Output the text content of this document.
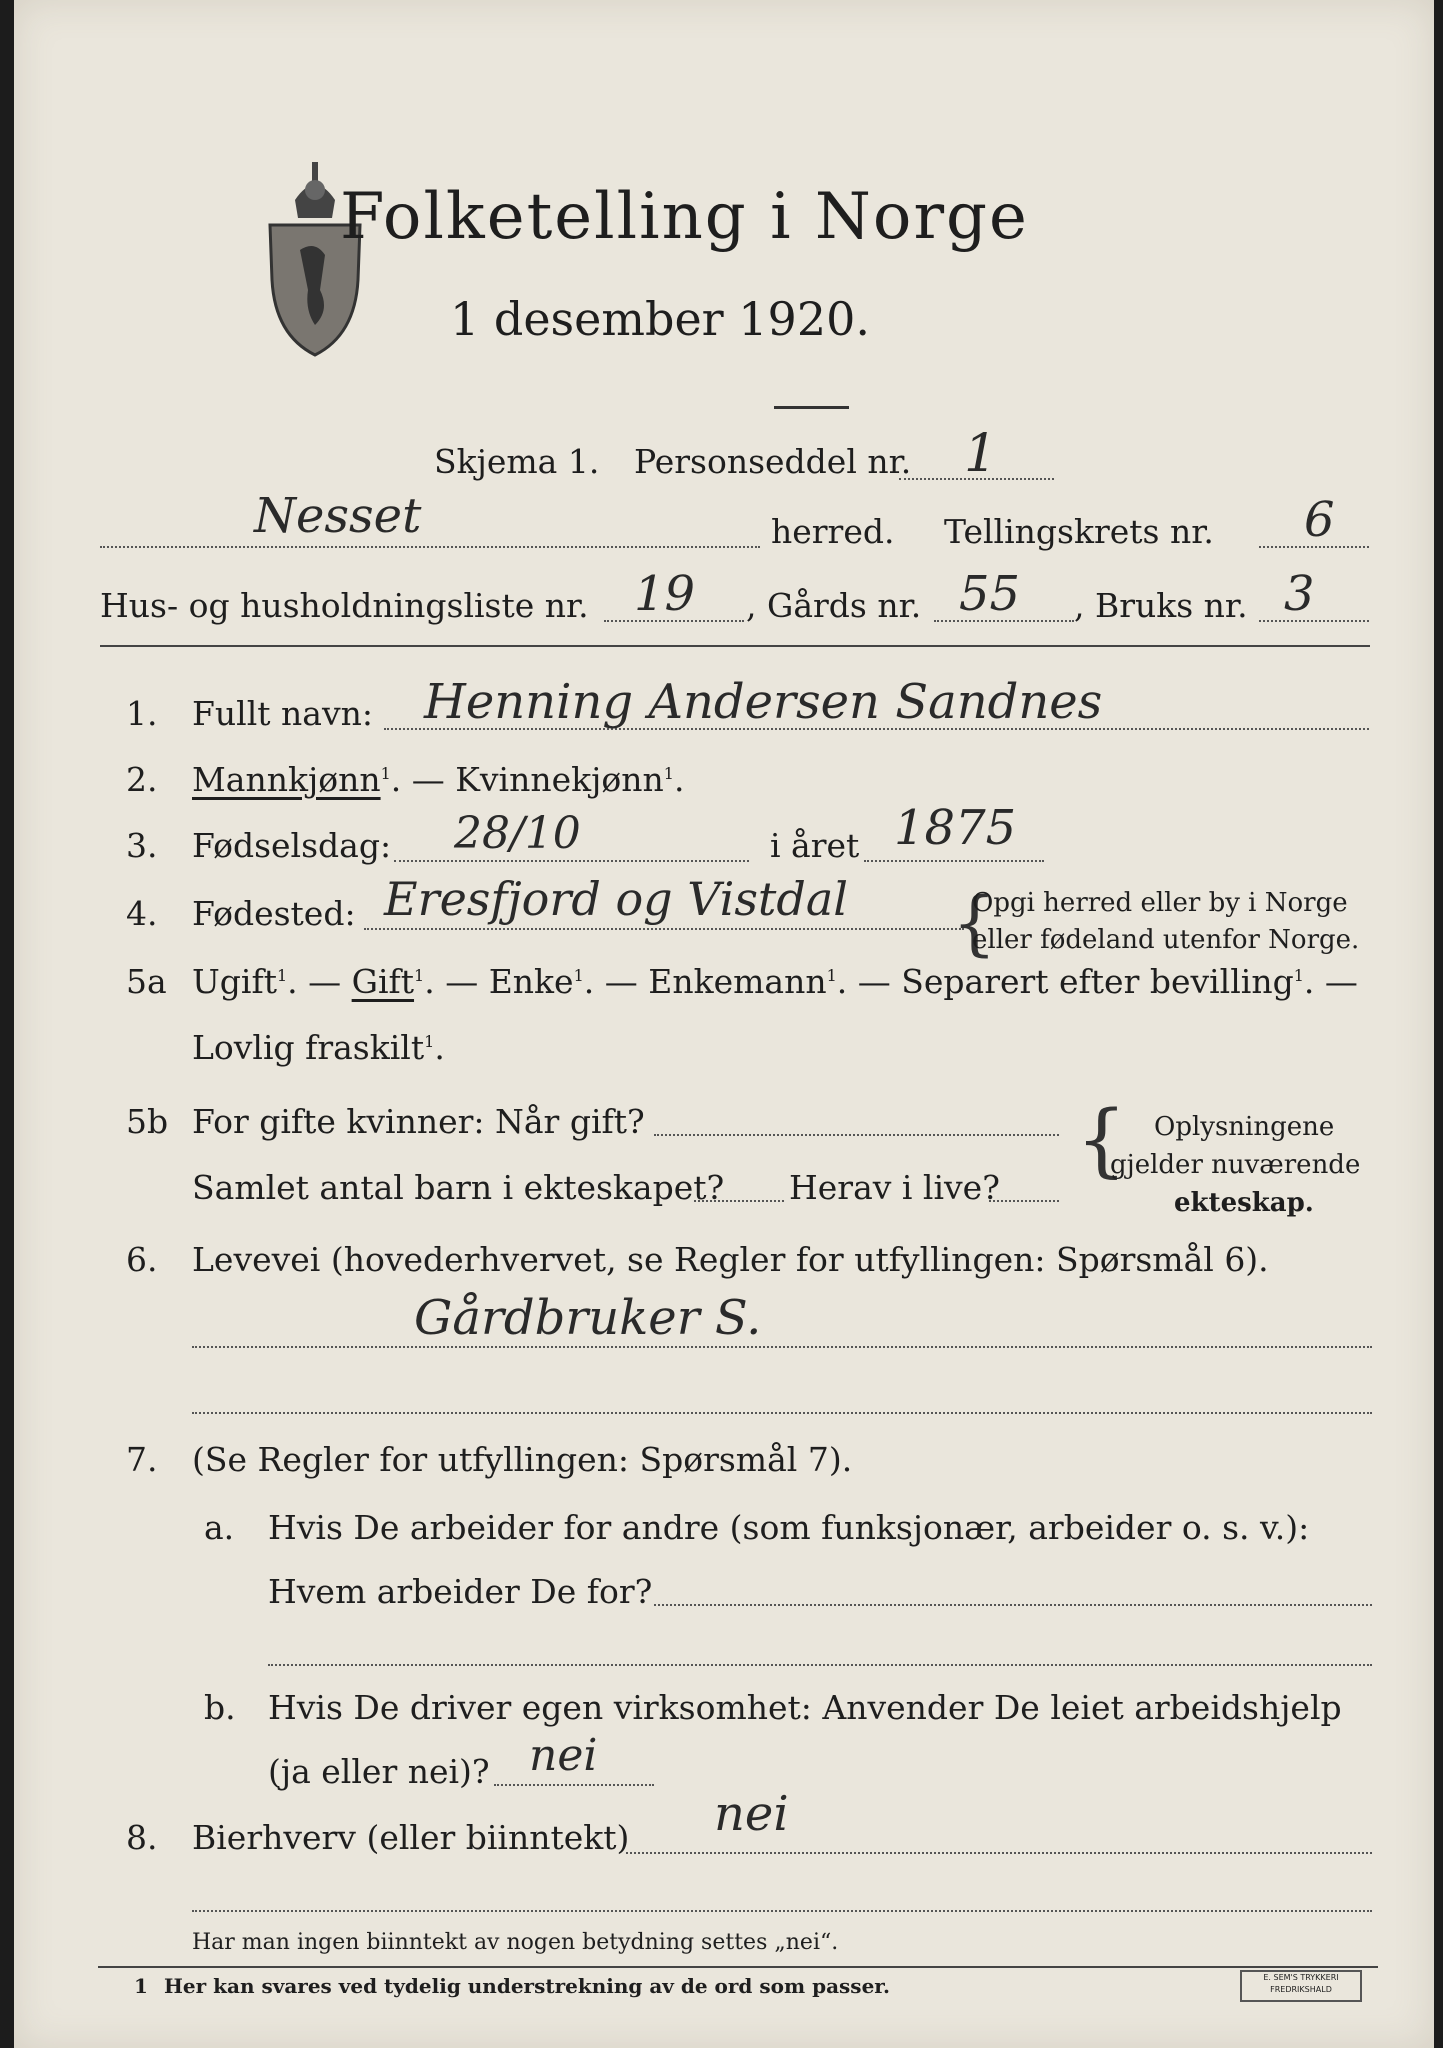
Folketelling i Norge
1 desember 1920.
Skjema 1. Personseddel nr. 1
Nesset	herred. Tellingskrets nr. 6
Hus- og husholdningsliste nr. 19 , Gårds nr. 55 , Bruks nr. 3
1. Fullt navn: Henning Andersen Sandnes
2. Mannkjønn$^1$. — Kvinnekjønn$^1$.
3. Fødselsdag: 28/10	i året 1875
4. Fødested: Eresfjord og Vistdal {
Opgi herred eller by i Norge
eller fødeland utenfor Norge.
5a Ugift$^1$. — Gift$^1$. — Enke$^1$. — Enkemann$^1$. — Separert efter bevilling$^1$. —
Lovlig fraskilt$^1$.
5b For gifte kvinner: Når gift?
Samlet antal barn i ekteskapet? Herav i live?
{ Oplysningene
gjelder nuværende
ekteskap.
6. Levevei (hovederhvervet, se Regler for utfyllingen: Spørsmål 6).
Gårdbruker S.
7. (Se Regler for utfyllingen: Spørsmål 7).
a. Hvis De arbeider for andre (som funksjonær, arbeider o. s. v.):
Hvem arbeider De for?
b. Hvis De driver egen virksomhet: Anvender De leiet arbeidshjelp
(ja eller nei)? nei
8. Bierhverv (eller biinntekt) nei
Har man ingen biinntekt av nogen betydning settes „nei“.
1 Her kan svares ved tydelig understrekning av de ord som passer.	E. SEM'S TRYKKERI FREDRIKSHALD
